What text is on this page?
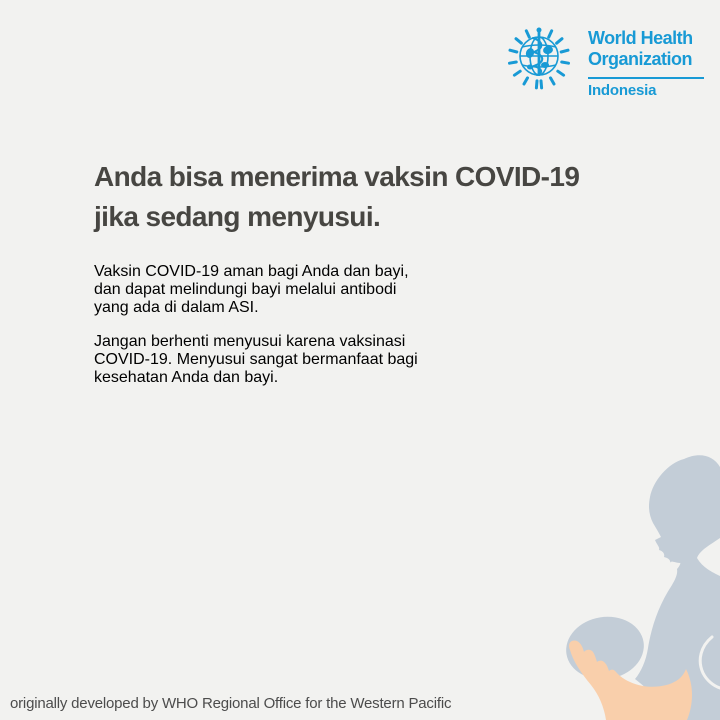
World Health
Organization
Indonesia
Anda bisa menerima vaksin COVID-19
jika sedang menyusui.

Vaksin COVID-19 aman bagi Anda dan bayi,
dan dapat melindungi bayi melalui antibodi
yang ada di dalam ASI.

Jangan berhenti menyusui karena vaksinasi
COVID-19. Menyusui sangat bermanfaat bagi
kesehatan Anda dan bayi.

originally developed by WHO Regional Office for the Western Pacific
